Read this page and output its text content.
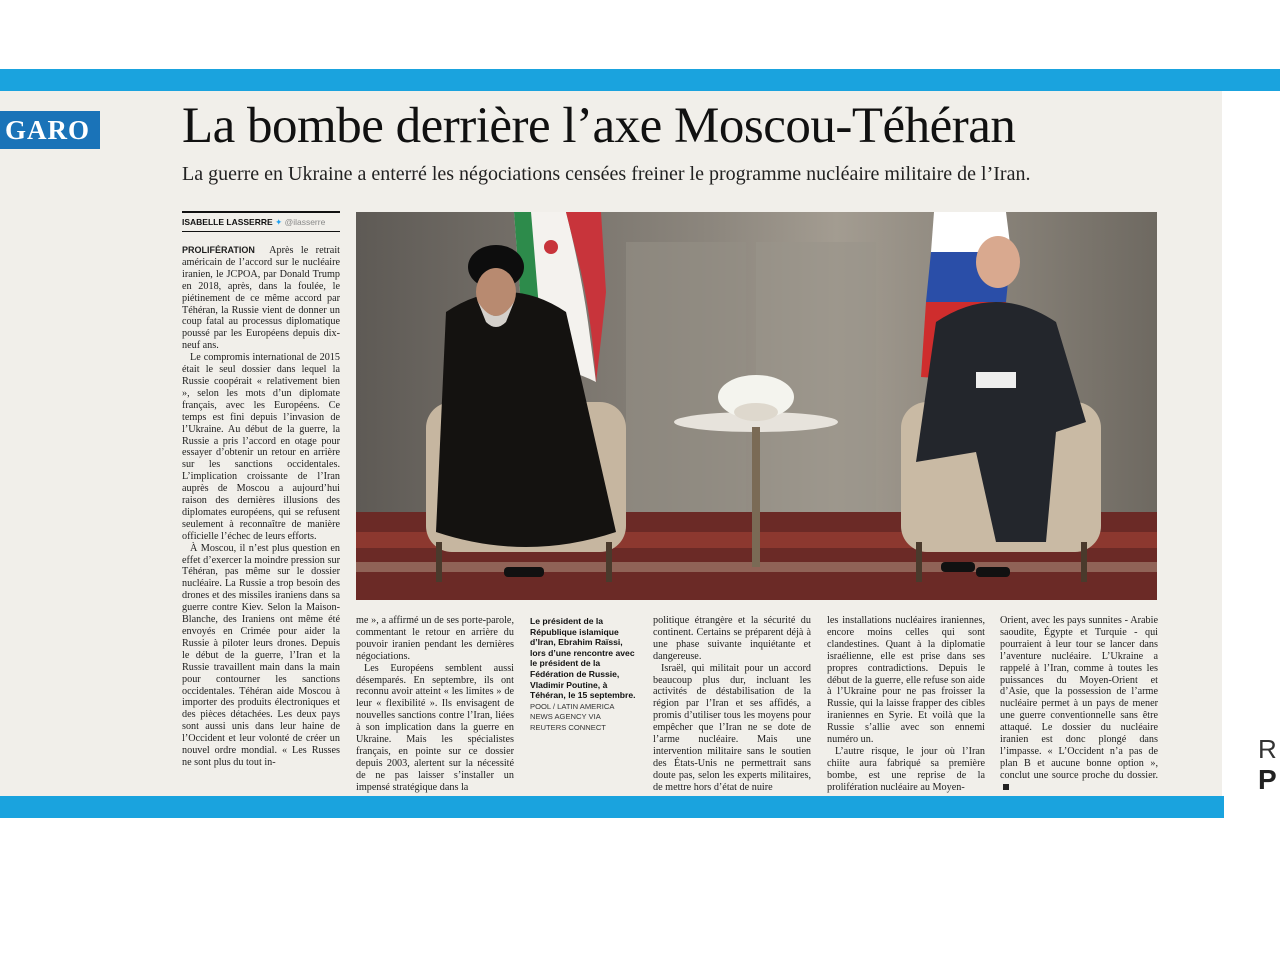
GARO La bombe derrière l’axe Moscou-Téhéran

La guerre en Ukraine a enterré les négociations censées freiner le programme nucléaire militaire de l’Iran.

ISABELLE LASSERRE ✦ @ilasserre

PROLIFÉRATION Après le retrait américain de l’accord sur le nucléaire iranien, le JCPOA, par Donald Trump en 2018, après, dans la foulée, le piétinement de ce même accord par Téhéran, la Russie vient de donner un coup fatal au processus diplomatique poussé par les Européens depuis dix-neuf ans.

Le compromis international de 2015 était le seul dossier dans lequel la Russie coopérait « relativement bien », selon les mots d’un diplomate français, avec les Européens. Ce temps est fini depuis l’invasion de l’Ukraine. Au début de la guerre, la Russie a pris l’accord en otage pour essayer d’obtenir un retour en arrière sur les sanctions occidentales. L’implication croissante de l’Iran auprès de Moscou a aujourd’hui raison des dernières illusions des diplomates européens, qui se refusent seulement à reconnaître de manière officielle l’échec de leurs efforts.

À Moscou, il n’est plus question en effet d’exercer la moindre pression sur Téhéran, pas même sur le dossier nucléaire. La Russie a trop besoin des drones et des missiles iraniens dans sa guerre contre Kiev. Selon la Maison-Blanche, des Iraniens ont même été envoyés en Crimée pour aider la Russie à piloter leurs drones. Depuis le début de la guerre, l’Iran et la Russie travaillent main dans la main pour contourner les sanctions occidentales. Téhéran aide Moscou à importer des produits électroniques et des pièces détachées. Les deux pays sont aussi unis dans leur haine de l’Occident et leur volonté de créer un nouvel ordre mondial. « Les Russes ne sont plus du tout in-

Le président de la République islamique d’Iran, Ebrahim Raïssi, lors d’une rencontre avec le président de la Fédération de Russie, Vladimir Poutine, à Téhéran, le 15 septembre.
POOL / LATIN AMERICA NEWS AGENCY VIA REUTERS CONNECT

me », a affirmé un de ses porte-parole, commentant le retour en arrière du pouvoir iranien pendant les dernières négociations.

Les Européens semblent aussi désemparés. En septembre, ils ont reconnu avoir atteint « les limites » de leur « flexibilité ». Ils envisagent de nouvelles sanctions contre l’Iran, liées à son implication dans la guerre en Ukraine. Mais les spécialistes français, en pointe sur ce dossier depuis 2003, alertent sur la nécessité de ne pas laisser s’installer un impensé stratégique dans la

politique étrangère et la sécurité du continent. Certains se préparent déjà à une phase suivante inquiétante et dangereuse.

Israël, qui militait pour un accord beaucoup plus dur, incluant les activités de déstabilisation de la région par l’Iran et ses affidés, a promis d’utiliser tous les moyens pour empêcher que l’Iran ne se dote de l’arme nucléaire. Mais une intervention militaire sans le soutien des États-Unis ne permettrait sans doute pas, selon les experts militaires, de mettre hors d’état de nuire

les installations nucléaires iraniennes, encore moins celles qui sont clandestines. Quant à la diplomatie israélienne, elle est prise dans ses propres contradictions. Depuis le début de la guerre, elle refuse son aide à l’Ukraine pour ne pas froisser la Russie, qui la laisse frapper des cibles iraniennes en Syrie. Et voilà que la Russie s’allie avec son ennemi numéro un.

L’autre risque, le jour où l’Iran chiite aura fabriqué sa première bombe, est une reprise de la prolifération nucléaire au Moyen-

Orient, avec les pays sunnites - Arabie saoudite, Égypte et Turquie - qui pourraient à leur tour se lancer dans l’aventure nucléaire. L’Ukraine a rappelé à l’Iran, comme à toutes les puissances du Moyen-Orient et d’Asie, que la possession de l’arme nucléaire permet à un pays de mener une guerre conventionnelle sans être attaqué. Le dossier du nucléaire iranien est donc plongé dans l’impasse. « L’Occident n’a pas de plan B et aucune bonne option », conclut une source proche du dossier.

R
P
